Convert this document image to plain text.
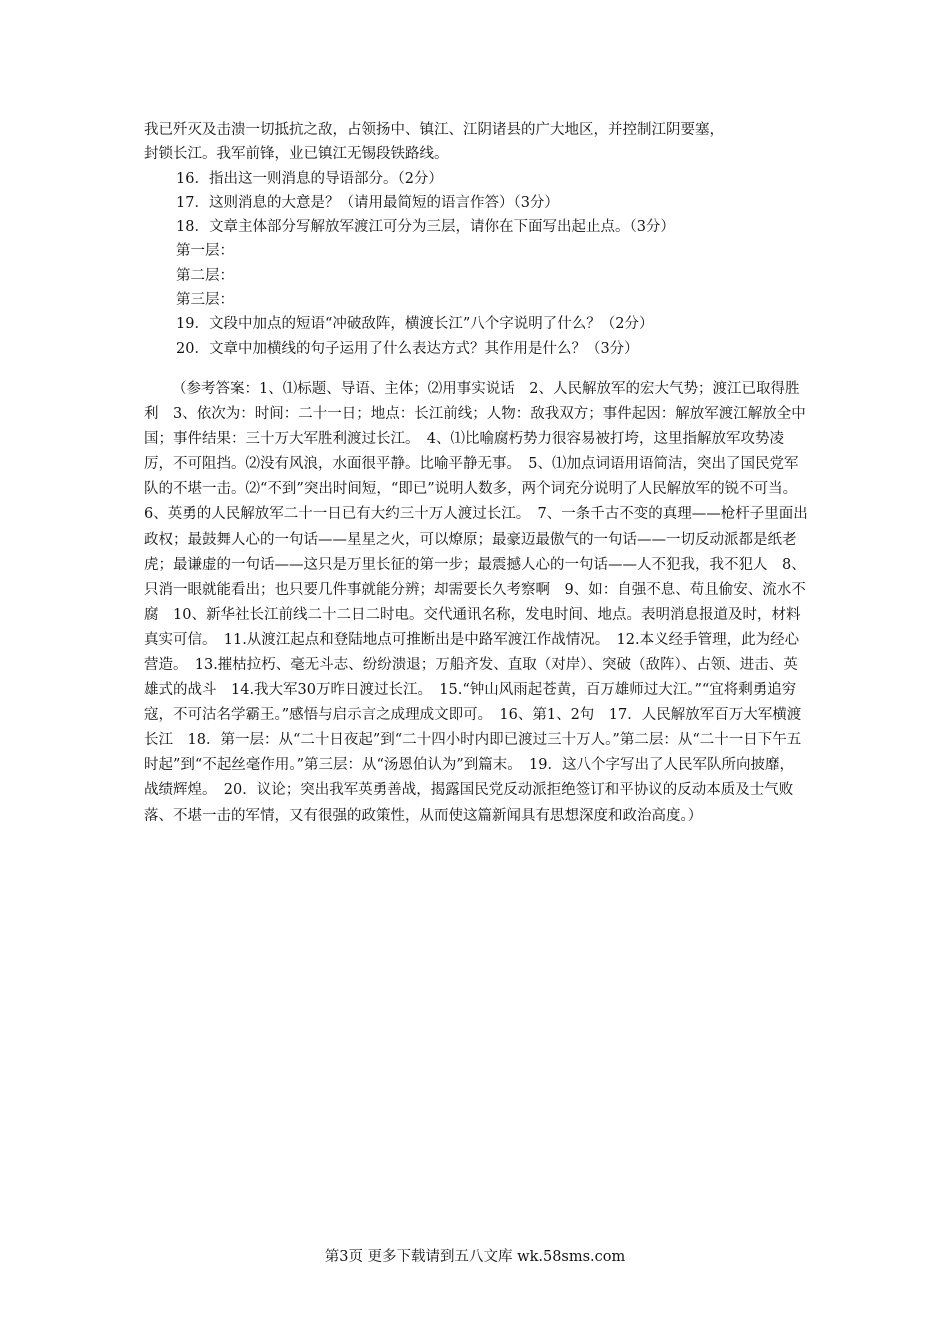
我已歼灭及击溃一切抵抗之敌，占领扬中、镇江、江阴诸县的广大地区，并控制江阴要塞，
封锁长江。我军前锋，业已镇江无锡段铁路线。
16．指出这一则消息的导语部分。（2分）
17．这则消息的大意是？（请用最简短的语言作答）（3分）
18．文章主体部分写解放军渡江可分为三层，请你在下面写出起止点。（3分）
第一层：
第二层：
第三层：
19．文段中加点的短语“冲破敌阵，横渡长江”八个字说明了什么？（2分）
20．文章中加横线的句子运用了什么表达方式？其作用是什么？（3分）
（参考答案：1、⑴标题、导语、主体；⑵用事实说话　2、人民解放军的宏大气势；渡江已取得胜利　3、依次为：时间：二十一日；地点：长江前线；人物：敌我双方；事件起因：解放军渡江解放全中国；事件结果：三十万大军胜利渡过长江。　4、⑴比喻腐朽势力很容易被打垮，这里指解放军攻势凌厉，不可阻挡。⑵没有风浪，水面很平静。比喻平静无事。　5、⑴加点词语用语简洁，突出了国民党军队的不堪一击。⑵“不到”突出时间短，“即已”说明人数多，两个词充分说明了人民解放军的锐不可当。　6、英勇的人民解放军二十一日已有大约三十万人渡过长江。　7、一条千古不变的真理——枪杆子里面出政权；最鼓舞人心的一句话——星星之火，可以燎原；最豪迈最傲气的一句话——一切反动派都是纸老虎；最谦虚的一句话——这只是万里长征的第一步；最震撼人心的一句话——人不犯我，我不犯人　8、只消一眼就能看出；也只要几件事就能分辨；却需要长久考察啊　9、如：自强不息、苟且偷安、流水不腐　10、新华社长江前线二十二日二时电。交代通讯名称，发电时间、地点。表明消息报道及时，材料真实可信。　11.从渡江起点和登陆地点可推断出是中路军渡江作战情况。　12.本义经手管理，此为经心营造。　13.摧枯拉朽、毫无斗志、纷纷溃退；万船齐发、直取（对岸）、突破（敌阵）、占领、进击、英雄式的战斗　14.我大军30万昨日渡过长江。　15.“钟山风雨起苍黄，百万雄师过大江。”“宜将剩勇追穷寇，不可沽名学霸王。”感悟与启示言之成理成文即可。　16、第1、2句　17．人民解放军百万大军横渡长江　18．第一层：从“二十日夜起”到“二十四小时内即已渡过三十万人。”第二层：从“二十一日下午五时起”到“不起丝毫作用。”第三层：从“汤恩伯认为”到篇末。　19．这八个字写出了人民军队所向披靡，战绩辉煌。　20．议论；突出我军英勇善战，揭露国民党反动派拒绝签订和平协议的反动本质及士气败落、不堪一击的军情，又有很强的政策性，从而使这篇新闻具有思想深度和政治高度。）
第3页 更多下载请到五八文库 wk.58sms.com
